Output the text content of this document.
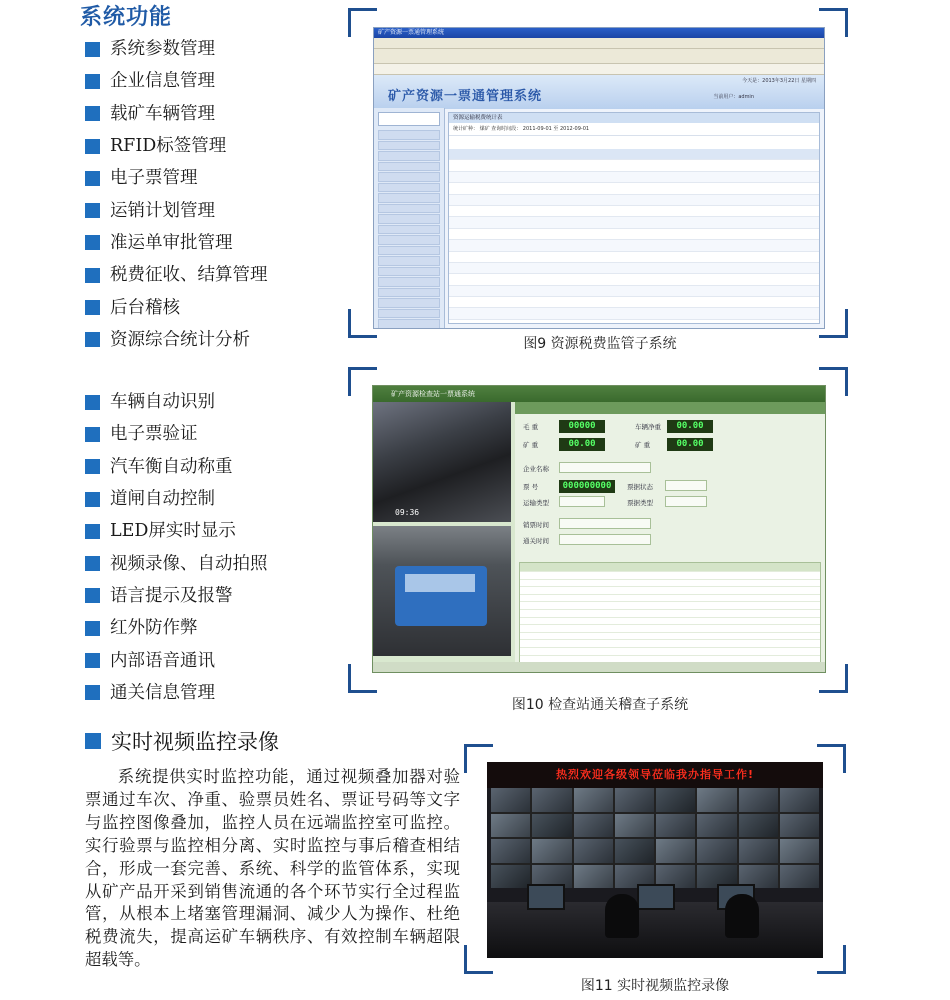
系统功能
系统参数管理
企业信息管理
载矿车辆管理
RFID标签管理
电子票管理
运销计划管理
准运单审批管理
税费征收、结算管理
后台稽核
资源综合统计分析
车辆自动识别
电子票验证
汽车衡自动称重
道闸自动控制
LED屏实时显示
视频录像、自动拍照
语言提示及报警
红外防作弊
内部语音通讯
通关信息管理
实时视频监控录像

系统提供实时监控功能，通过视频叠加器对验票通过车次、净重、验票员姓名、票证号码等文字与监控图像叠加，监控人员在远端监控室可监控。实行验票与监控相分离、实时监控与事后稽查相结合，形成一套完善、系统、科学的监管体系，实现从矿产品开采到销售流通的各个环节实行全过程监管，从根本上堵塞管理漏洞、减少人为操作、杜绝税费流失，提高运矿车辆秩序、有效控制车辆超限超载等。

矿产资源一票通管理系统
矿产资源一票通管理系统
今天是：2013年3月22日 星期四
当前用户：admin
资源运输税费统计表
统计矿种： 煤矿 查询时间段： 2011-09-01 至 2012-09-01
图9 资源税费监管子系统
矿产资源检查站一票通系统
09:36
毛 重	00000	车辆净重	00.00
矿 重	00.00	矿 重	00.00
企业名称
票 号	000000000	票据状态
运输类型	票据类型
销票时间
通关时间
图10 检查站通关稽查子系统
热烈欢迎各级领导莅临我办指导工作!
图11 实时视频监控录像
